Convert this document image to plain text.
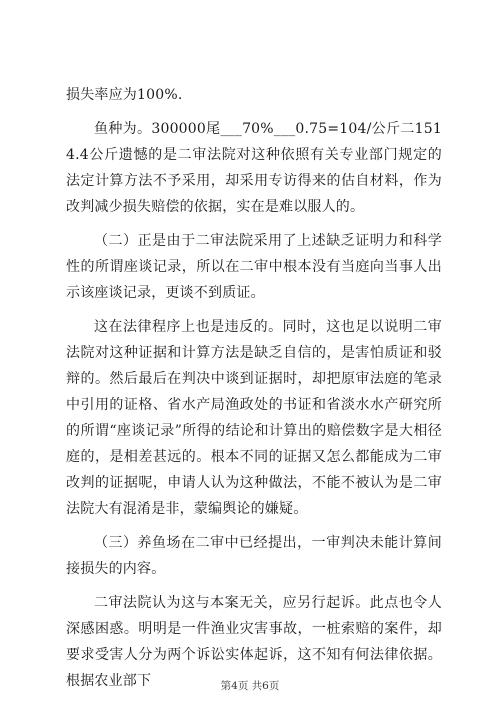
损失率应为100%.

鱼种为。300000尾___70%___0.75=104/公斤二1514.4公斤遗憾的是二审法院对这种依照有关专业部门规定的法定计算方法不予采用，却采用专访得来的估自材料，作为改判减少损失赔偿的依据，实在是难以服人的。

（二）正是由于二审法院采用了上述缺乏证明力和科学性的所谓座谈记录，所以在二审中根本没有当庭向当事人出示该座谈记录，更谈不到质证。

这在法律程序上也是违反的。同时，这也足以说明二审法院对这种证据和计算方法是缺乏自信的，是害怕质证和驳辩的。然后最后在判决中谈到证据时，却把原审法庭的笔录中引用的证格、省水产局渔政处的书证和省淡水水产研究所的所谓“座谈记录”所得的结论和计算出的赔偿数字是大相径庭的，是相差甚远的。根本不同的证据又怎么都能成为二审改判的证据呢，申请人认为这种做法，不能不被认为是二审法院大有混淆是非，蒙编舆论的嫌疑。

（三）养鱼场在二审中已经提出，一审判决未能计算间接损失的内容。

二审法院认为这与本案无关，应另行起诉。此点也令人深感困惑。明明是一件渔业灾害事故，一桩索赔的案件，却要求受害人分为两个诉讼实体起诉，这不知有何法律依据。根据农业部下	第4页 共6页
